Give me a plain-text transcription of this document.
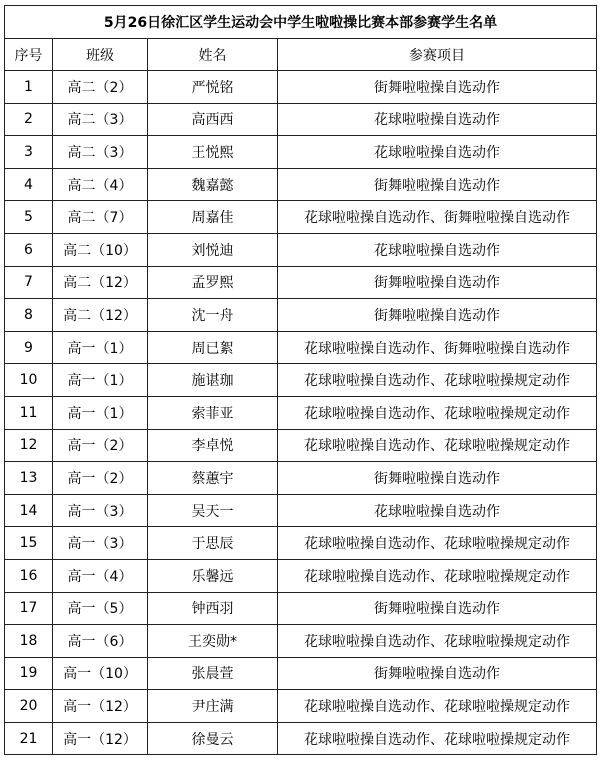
5月26日徐汇区学生运动会中学生啦啦操比赛本部参赛学生名单			
序号	班级	姓名	参赛项目
1	高二（2）	严悦铭	街舞啦啦操自选动作
2	高二（3）	高西西	花球啦啦操自选动作
3	高二（3）	王悦熙	花球啦啦操自选动作
4	高二（4）	魏嘉懿	街舞啦啦操自选动作
5	高二（7）	周嘉佳	花球啦啦操自选动作、街舞啦啦操自选动作
6	高二（10）	刘悦迪	花球啦啦操自选动作
7	高二（12）	孟罗熙	街舞啦啦操自选动作
8	高二（12）	沈一舟	街舞啦啦操自选动作
9	高一（1）	周已絮	花球啦啦操自选动作、街舞啦啦操自选动作
10	高一（1）	施谌珈	花球啦啦操自选动作、花球啦啦操规定动作
11	高一（1）	索菲亚	花球啦啦操自选动作、花球啦啦操规定动作
12	高一（2）	李卓悦	花球啦啦操自选动作、花球啦啦操规定动作
13	高一（2）	蔡蕙宇	街舞啦啦操自选动作
14	高一（3）	吴天一	花球啦啦操自选动作
15	高一（3）	于思辰	花球啦啦操自选动作、花球啦啦操规定动作
16	高一（4）	乐馨远	花球啦啦操自选动作、花球啦啦操规定动作
17	高一（5）	钟西羽	街舞啦啦操自选动作
18	高一（6）	王奕勋*	花球啦啦操自选动作、花球啦啦操规定动作
19	高一（10）	张晨萱	街舞啦啦操自选动作
20	高一（12）	尹庄满	花球啦啦操自选动作、花球啦啦操规定动作
21	高一（12）	徐曼云	花球啦啦操自选动作、花球啦啦操规定动作
